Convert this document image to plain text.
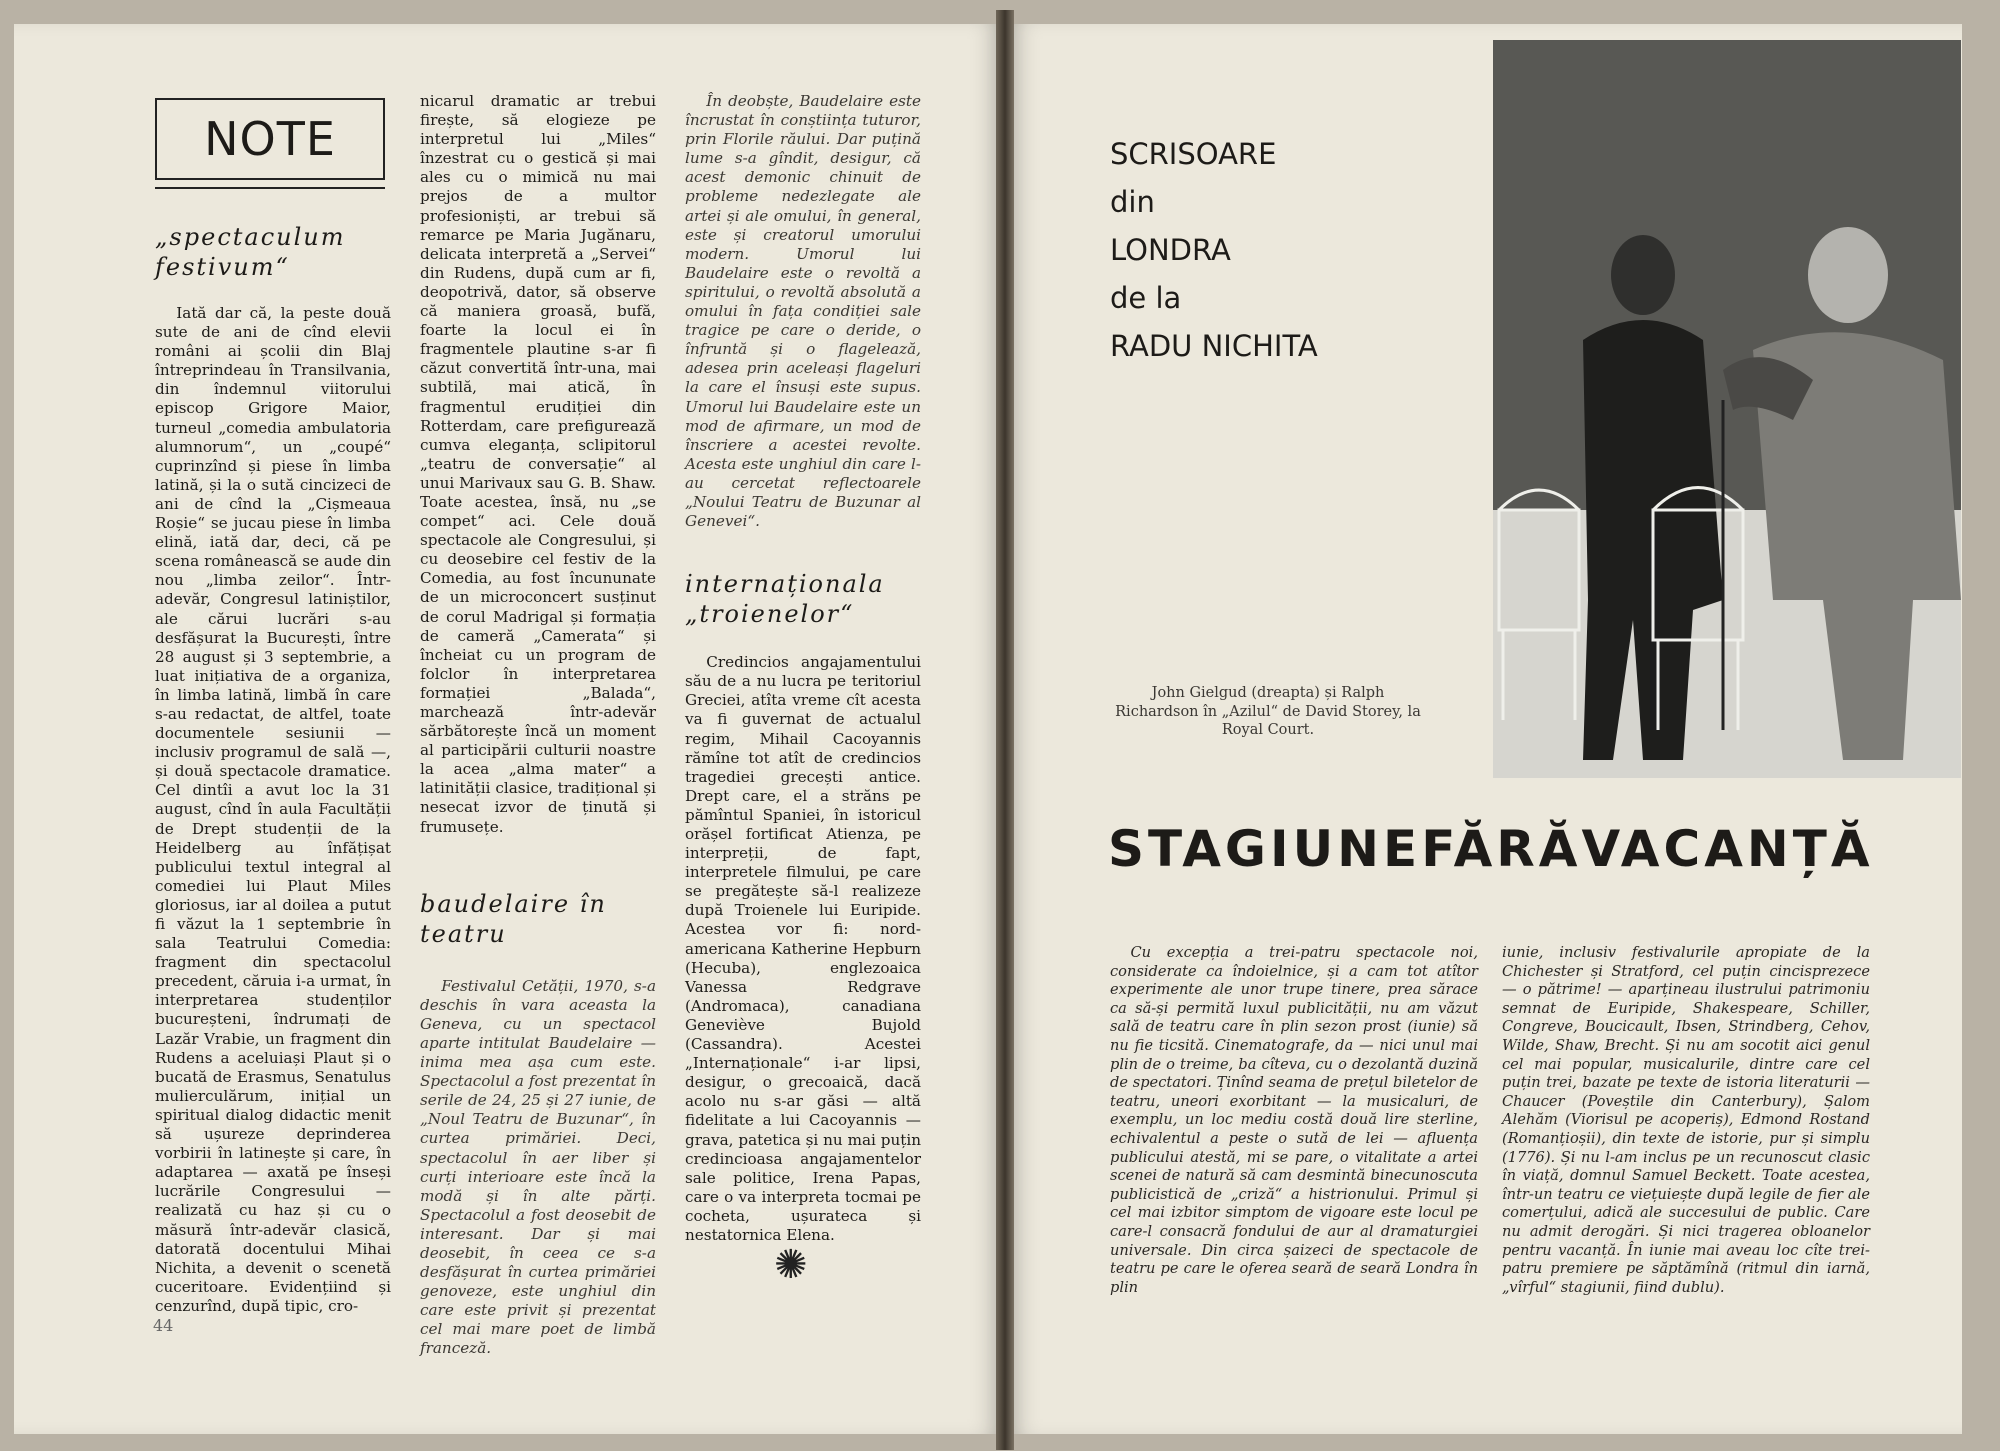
NOTE
„spectaculum festivum“

Iată dar că, la peste două sute de ani de cînd elevii români ai școlii din Blaj întreprindeau în Transilvania, din îndemnul viitorului episcop Grigore Maior, turneul „comedia ambulatoria alumnorum“, un „coupé“ cuprinzînd și piese în limba latină, și la o sută cincizeci de ani de cînd la „Cișmeaua Roșie“ se jucau piese în limba elină, iată dar, deci, că pe scena românească se aude din nou „limba zeilor“. Într-adevăr, Congresul latiniștilor, ale cărui lucrări s-au desfășurat la București, între 28 august și 3 septembrie, a luat inițiativa de a organiza, în limba latină, limbă în care s-au redactat, de altfel, toate documentele sesiunii — inclusiv programul de sală —, și două spectacole dramatice. Cel dintîi a avut loc la 31 august, cînd în aula Facultății de Drept studenții de la Heidelberg au înfățișat publicului textul integral al comediei lui Plaut Miles gloriosus, iar al doilea a putut fi văzut la 1 septembrie în sala Teatrului Comedia: fragment din spectacolul precedent, căruia i-a urmat, în interpretarea studenților bucureșteni, îndrumați de Lazăr Vrabie, un fragment din Rudens a aceluiași Plaut și o bucată de Erasmus, Senatulus mulierculărum, inițial un spiritual dialog didactic menit să ușureze deprinderea vorbirii în latinește și care, în adaptarea — axată pe înseși lucrările Congresului — realizată cu haz și cu o măsură într-adevăr clasică, datorată docentului Mihai Nichita, a devenit o scenetă cuceritoare. Evidențiind și cenzurînd, după tipic, cro-

nicarul dramatic ar trebui firește, să elogieze pe interpretul lui „Miles“ înzestrat cu o gestică și mai ales cu o mimică nu mai prejos de a multor profesioniști, ar trebui să remarce pe Maria Jugănaru, delicata interpretă a „Servei“ din Rudens, după cum ar fi, deopotrivă, dator, să observe că maniera groasă, bufă, foarte la locul ei în fragmentele plautine s-ar fi căzut convertită într-una, mai subtilă, mai atică, în fragmentul erudiției din Rotterdam, care prefigurează cumva eleganța, sclipitorul „teatru de conversație“ al unui Marivaux sau G. B. Shaw. Toate acestea, însă, nu „se compet“ aci. Cele două spectacole ale Congresului, și cu deosebire cel festiv de la Comedia, au fost încununate de un microconcert susținut de corul Madrigal și formația de cameră „Camerata“ și încheiat cu un program de folclor în interpretarea formației „Balada“, marchează într-adevăr sărbătorește încă un moment al participării culturii noastre la acea „alma mater“ a latinității clasice, tradițional și nesecat izvor de ținută și frumusețe.

baudelaire în teatru

Festivalul Cetății, 1970, s-a deschis în vara aceasta la Geneva, cu un spectacol aparte intitulat Baudelaire — inima mea așa cum este. Spectacolul a fost prezentat în serile de 24, 25 și 27 iunie, de „Noul Teatru de Buzunar“, în curtea primăriei. Deci, spectacolul în aer liber și curți interioare este încă la modă și în alte părți. Spectacolul a fost deosebit de interesant. Dar și mai deosebit, în ceea ce s-a desfășurat în curtea primăriei genoveze, este unghiul din care este privit și prezentat cel mai mare poet de limbă franceză.

În deobște, Baudelaire este încrustat în conștiința tuturor, prin Florile răului. Dar puțină lume s-a gîndit, desigur, că acest demonic chinuit de probleme nedezlegate ale artei și ale omului, în general, este și creatorul umorului modern. Umorul lui Baudelaire este o revoltă a spiritului, o revoltă absolută a omului în fața condiției sale tragice pe care o deride, o înfruntă și o flagelează, adesea prin aceleași flageluri la care el însuși este supus. Umorul lui Baudelaire este un mod de afirmare, un mod de înscriere a acestei revolte. Acesta este unghiul din care l-au cercetat reflectoarele „Noului Teatru de Buzunar al Genevei“.

internaționala „troienelor“

Credincios angajamentului său de a nu lucra pe teritoriul Greciei, atîta vreme cît acesta va fi guvernat de actualul regim, Mihail Cacoyannis rămîne tot atît de credincios tragediei grecești antice. Drept care, el a străns pe pămîntul Spaniei, în istoricul orășel fortificat Atienza, pe interpreții, de fapt, interpretele filmului, pe care se pregătește să-l realizeze după Troienele lui Euripide. Acestea vor fi: nord-americana Katherine Hepburn (Hecuba), englezoaica Vanessa Redgrave (Andromaca), canadiana Geneviève Bujold (Cassandra). Acestei „Internaționale“ i-ar lipsi, desigur, o grecoaică, dacă acolo nu s-ar găsi — altă fidelitate a lui Cacoyannis — grava, patetica și nu mai puțin credincioasa angajamentelor sale politice, Irena Papas, care o va interpreta tocmai pe cocheta, ușurateca și nestatornica Elena.

✺
44
SCRISOARE
din
LONDRA
de la
RADU NICHITA
John Gielgud (dreapta) și Ralph Richardson în „Azilul“ de David Storey, la Royal Court.
STAGIUNE FĂRĂ VACANȚĂ

Cu excepția a trei-patru spectacole noi, considerate ca îndoielnice, și a cam tot atîtor experimente ale unor trupe tinere, prea sărace ca să-și permită luxul publicității, nu am văzut sală de teatru care în plin sezon prost (iunie) să nu fie ticsită. Cinematografe, da — nici unul mai plin de o treime, ba cîteva, cu o dezolantă duzină de spectatori. Ținînd seama de prețul biletelor de teatru, uneori exorbitant — la musicaluri, de exemplu, un loc mediu costă două lire sterline, echivalentul a peste o sută de lei — afluența publicului atestă, mi se pare, o vitalitate a artei scenei de natură să cam desmintă binecunoscuta publicistică de „criză“ a histrionului. Primul și cel mai izbitor simptom de vigoare este locul pe care-l consacră fondului de aur al dramaturgiei universale. Din circa șaizeci de spectacole de teatru pe care le oferea seară de seară Londra în plin

iunie, inclusiv festivalurile apropiate de la Chichester și Stratford, cel puțin cincisprezece — o pătrime! — aparțineau ilustrului patrimoniu semnat de Euripide, Shakespeare, Schiller, Congreve, Boucicault, Ibsen, Strindberg, Cehov, Wilde, Shaw, Brecht. Și nu am socotit aici genul cel mai popular, musicalurile, dintre care cel puțin trei, bazate pe texte de istoria literaturii — Chaucer (Poveștile din Canterbury), Șalom Alehăm (Viorisul pe acoperiș), Edmond Rostand (Romanțioșii), din texte de istorie, pur și simplu (1776). Și nu l-am inclus pe un recunoscut clasic în viață, domnul Samuel Beckett. Toate acestea, într-un teatru ce viețuiește după legile de fier ale comerțului, adică ale succesului de public. Care nu admit derogări. Și nici tragerea obloanelor pentru vacanță. În iunie mai aveau loc cîte trei-patru premiere pe săptămînă (ritmul din iarnă, „vîrful“ stagiunii, fiind dublu).
